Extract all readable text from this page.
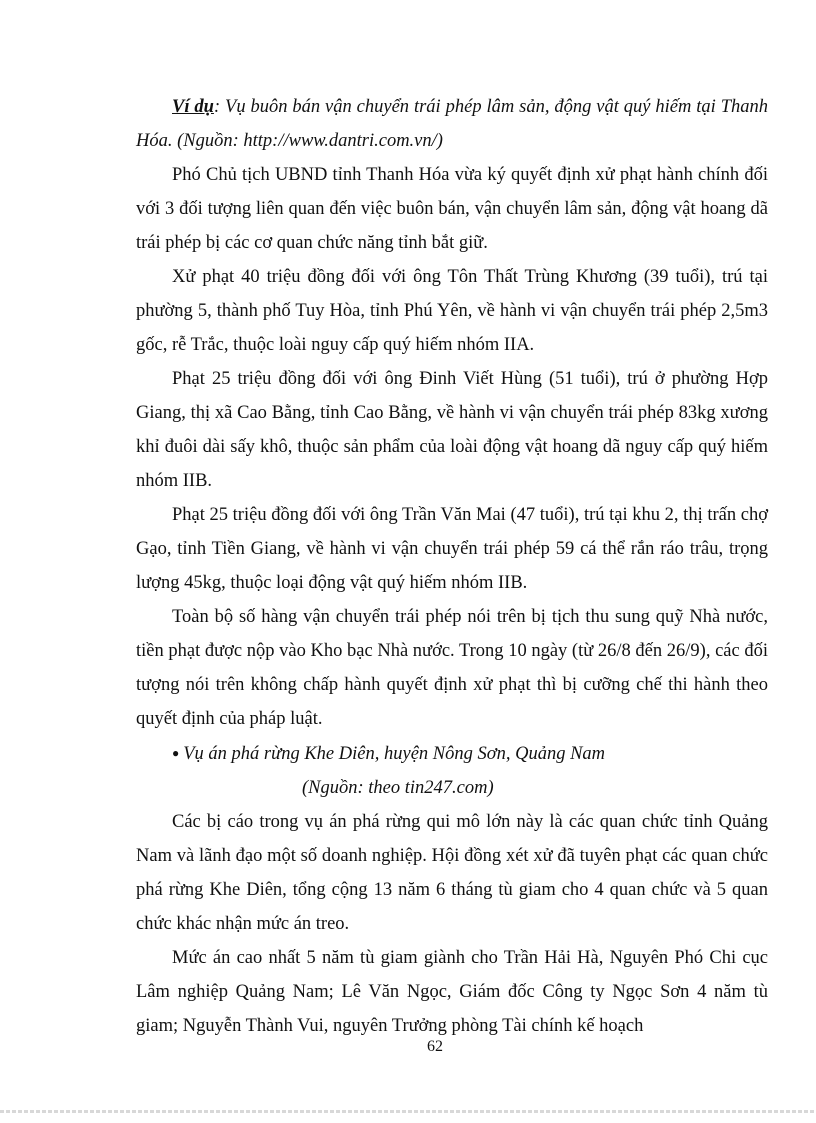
Ví dụ: Vụ buôn bán vận chuyển trái phép lâm sản, động vật quý hiếm tại Thanh Hóa. (Nguồn: http://www.dantri.com.vn/)

Phó Chủ tịch UBND tỉnh Thanh Hóa vừa ký quyết định xử phạt hành chính đối với 3 đối tượng liên quan đến việc buôn bán, vận chuyển lâm sản, động vật hoang dã trái phép bị các cơ quan chức năng tỉnh bắt giữ.

Xử phạt 40 triệu đồng đối với ông Tôn Thất Trùng Khương (39 tuổi), trú tại phường 5, thành phố Tuy Hòa, tỉnh Phú Yên, về hành vi vận chuyển trái phép 2,5m3 gốc, rễ Trắc, thuộc loài nguy cấp quý hiếm nhóm IIA.

Phạt 25 triệu đồng đối với ông Đinh Viết Hùng (51 tuổi), trú ở phường Hợp Giang, thị xã Cao Bằng, tỉnh Cao Bằng, về hành vi vận chuyển trái phép 83kg xương khỉ đuôi dài sấy khô, thuộc sản phẩm của loài động vật hoang dã nguy cấp quý hiếm nhóm IIB.

Phạt 25 triệu đồng đối với ông Trần Văn Mai (47 tuổi), trú tại khu 2, thị trấn chợ Gạo, tỉnh Tiền Giang, về hành vi vận chuyển trái phép 59 cá thể rắn ráo trâu, trọng lượng 45kg, thuộc loại động vật quý hiếm nhóm IIB.

Toàn bộ số hàng vận chuyển trái phép nói trên bị tịch thu sung quỹ Nhà nước, tiền phạt được nộp vào Kho bạc Nhà nước. Trong 10 ngày (từ 26/8 đến 26/9), các đối tượng nói trên không chấp hành quyết định xử phạt thì bị cưỡng chế thi hành theo quyết định của pháp luật.

● Vụ án phá rừng Khe Diên, huyện Nông Sơn, Quảng Nam

(Nguồn: theo tin247.com)

Các bị cáo trong vụ án phá rừng qui mô lớn này là các quan chức tỉnh Quảng Nam và lãnh đạo một số doanh nghiệp. Hội đồng xét xử đã tuyên phạt các quan chức phá rừng Khe Diên, tổng cộng 13 năm 6 tháng tù giam cho 4 quan chức và 5 quan chức khác nhận mức án treo.

Mức án cao nhất 5 năm tù giam giành cho Trần Hải Hà, Nguyên Phó Chi cục Lâm nghiệp Quảng Nam; Lê Văn Ngọc, Giám đốc Công ty Ngọc Sơn 4 năm tù giam; Nguyễn Thành Vui, nguyên Trưởng phòng Tài chính kế hoạch

62
